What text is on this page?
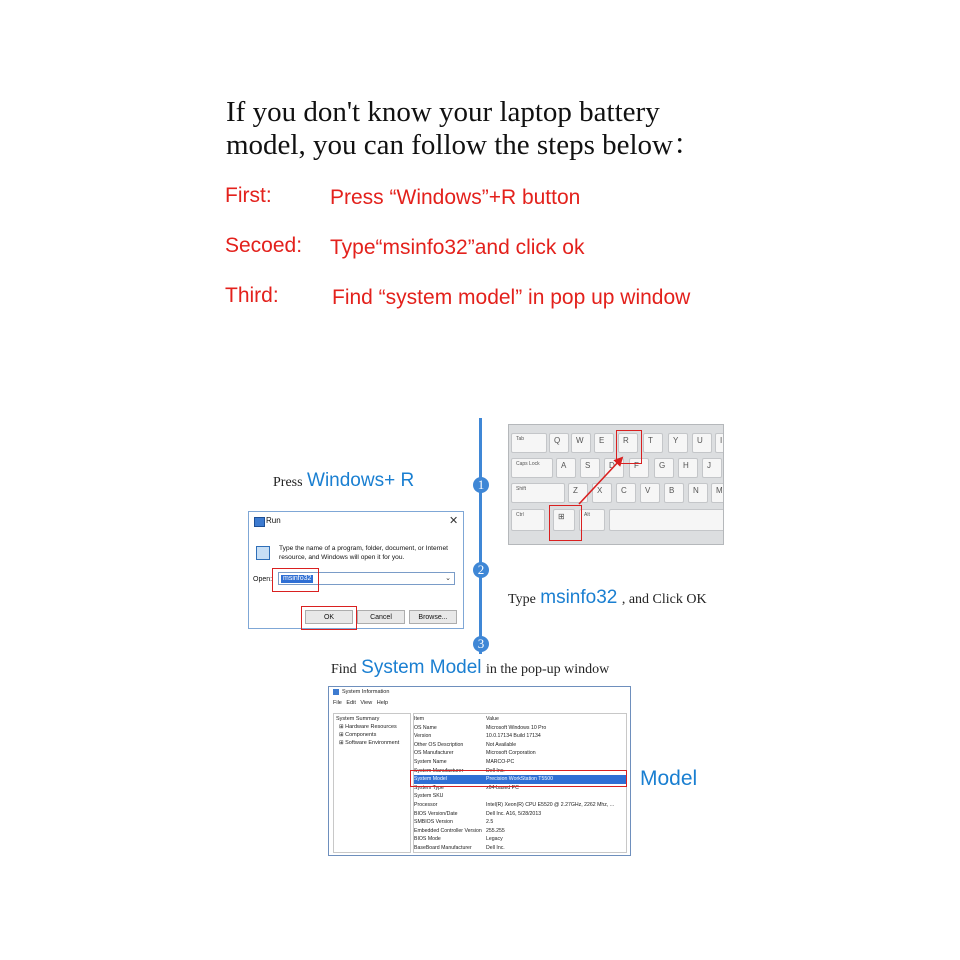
If you don't know your laptop battery
model, you can follow the steps below：
First:	Press “Windows”+R button
Secoed: Type“msinfo32”and click ok
Third:	Find “system model” in pop up window
1
2
3
Press Windows+ R
Run	✕
Type the name of a program, folder, document, or Internet resource, and Windows will open it for you.
Open: msinfo32	⌄
OK	Cancel	Browse...
Tab	Q	W	E	R	T	Y	U	I
Caps Lock	A	S	D	F	G	H	J
Shift	Z	X	C	V	B	N	M
Ctrl	⊞	Alt
Type msinfo32 , and Click OK
Find System Model in the pop-up window
System Information
File Edit View Help
System Summary
⊞ Hardware Resources
⊞ Components
⊞ Software Environment
Item	Value
OS Name	Microsoft Windows 10 Pro
Version	10.0.17134 Build 17134
Other OS Description	Not Available
OS Manufacturer	Microsoft Corporation
System Name	MARCO-PC
System Manufacturer	Dell Inc.
System Model	Precision WorkStation T5500
System Type	x64-based PC
System SKU
Processor	Intel(R) Xeon(R) CPU E5520 @ 2.27GHz, 2262 Mhz, ...
BIOS Version/Date	Dell Inc. A16, 5/28/2013
SMBIOS Version	2.5
Embedded Controller Version 255.255
BIOS Mode	Legacy
BaseBoard Manufacturer	Dell Inc.
Model
